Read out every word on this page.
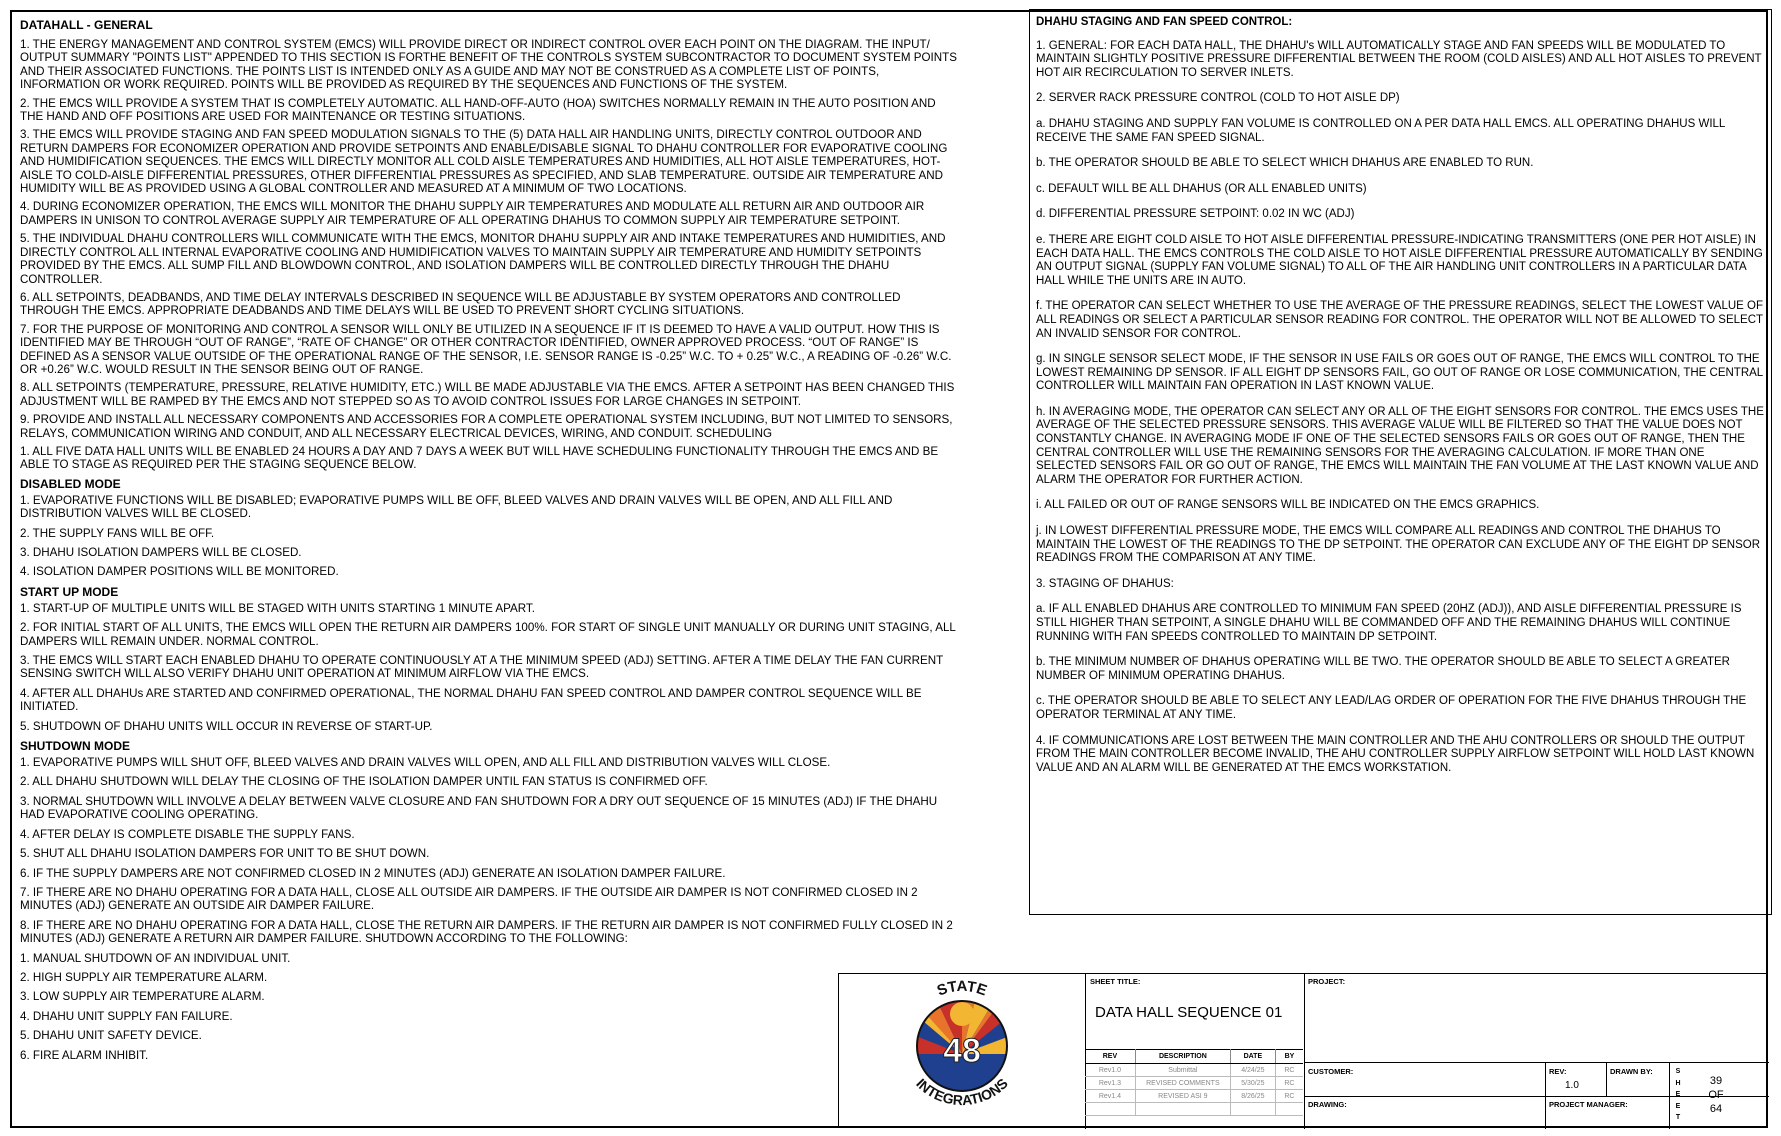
DATAHALL - GENERAL

1. THE ENERGY MANAGEMENT AND CONTROL SYSTEM (EMCS) WILL PROVIDE DIRECT OR INDIRECT CONTROL OVER EACH POINT ON THE DIAGRAM. THE INPUT/ OUTPUT SUMMARY "POINTS LIST" APPENDED TO THIS SECTION IS FORTHE BENEFIT OF THE CONTROLS SYSTEM SUBCONTRACTOR TO DOCUMENT SYSTEM POINTS AND THEIR ASSOCIATED FUNCTIONS. THE POINTS LIST IS INTENDED ONLY AS A GUIDE AND MAY NOT BE CONSTRUED AS A COMPLETE LIST OF POINTS, INFORMATION OR WORK REQUIRED. POINTS WILL BE PROVIDED AS REQUIRED BY THE SEQUENCES AND FUNCTIONS OF THE SYSTEM.

2. THE EMCS WILL PROVIDE A SYSTEM THAT IS COMPLETELY AUTOMATIC. ALL HAND-OFF-AUTO (HOA) SWITCHES NORMALLY REMAIN IN THE AUTO POSITION AND THE HAND AND OFF POSITIONS ARE USED FOR MAINTENANCE OR TESTING SITUATIONS.

3. THE EMCS WILL PROVIDE STAGING AND FAN SPEED MODULATION SIGNALS TO THE (5) DATA HALL AIR HANDLING UNITS, DIRECTLY CONTROL OUTDOOR AND RETURN DAMPERS FOR ECONOMIZER OPERATION AND PROVIDE SETPOINTS AND ENABLE/DISABLE SIGNAL TO DHAHU CONTROLLER FOR EVAPORATIVE COOLING AND HUMIDIFICATION SEQUENCES. THE EMCS WILL DIRECTLY MONITOR ALL COLD AISLE TEMPERATURES AND HUMIDITIES, ALL HOT AISLE TEMPERATURES, HOT-AISLE TO COLD-AISLE DIFFERENTIAL PRESSURES, OTHER DIFFERENTIAL PRESSURES AS SPECIFIED, AND SLAB TEMPERATURE. OUTSIDE AIR TEMPERATURE AND HUMIDITY WILL BE AS PROVIDED USING A GLOBAL CONTROLLER AND MEASURED AT A MINIMUM OF TWO LOCATIONS.

4. DURING ECONOMIZER OPERATION, THE EMCS WILL MONITOR THE DHAHU SUPPLY AIR TEMPERATURES AND MODULATE ALL RETURN AIR AND OUTDOOR AIR DAMPERS IN UNISON TO CONTROL AVERAGE SUPPLY AIR TEMPERATURE OF ALL OPERATING DHAHUS TO COMMON SUPPLY AIR TEMPERATURE SETPOINT.

5. THE INDIVIDUAL DHAHU CONTROLLERS WILL COMMUNICATE WITH THE EMCS, MONITOR DHAHU SUPPLY AIR AND INTAKE TEMPERATURES AND HUMIDITIES, AND DIRECTLY CONTROL ALL INTERNAL EVAPORATIVE COOLING AND HUMIDIFICATION VALVES TO MAINTAIN SUPPLY AIR TEMPERATURE AND HUMIDITY SETPOINTS PROVIDED BY THE EMCS. ALL SUMP FILL AND BLOWDOWN CONTROL, AND ISOLATION DAMPERS WILL BE CONTROLLED DIRECTLY THROUGH THE DHAHU CONTROLLER.

6. ALL SETPOINTS, DEADBANDS, AND TIME DELAY INTERVALS DESCRIBED IN SEQUENCE WILL BE ADJUSTABLE BY SYSTEM OPERATORS AND CONTROLLED THROUGH THE EMCS. APPROPRIATE DEADBANDS AND TIME DELAYS WILL BE USED TO PREVENT SHORT CYCLING SITUATIONS.

7. FOR THE PURPOSE OF MONITORING AND CONTROL A SENSOR WILL ONLY BE UTILIZED IN A SEQUENCE IF IT IS DEEMED TO HAVE A VALID OUTPUT. HOW THIS IS IDENTIFIED MAY BE THROUGH “OUT OF RANGE”, “RATE OF CHANGE” OR OTHER CONTRACTOR IDENTIFIED, OWNER APPROVED PROCESS. “OUT OF RANGE” IS DEFINED AS A SENSOR VALUE OUTSIDE OF THE OPERATIONAL RANGE OF THE SENSOR, I.E. SENSOR RANGE IS -0.25” W.C. TO + 0.25” W.C., A READING OF -0.26” W.C. OR +0.26” W.C. WOULD RESULT IN THE SENSOR BEING OUT OF RANGE.

8. ALL SETPOINTS (TEMPERATURE, PRESSURE, RELATIVE HUMIDITY, ETC.) WILL BE MADE ADJUSTABLE VIA THE EMCS. AFTER A SETPOINT HAS BEEN CHANGED THIS ADJUSTMENT WILL BE RAMPED BY THE EMCS AND NOT STEPPED SO AS TO AVOID CONTROL ISSUES FOR LARGE CHANGES IN SETPOINT.

9. PROVIDE AND INSTALL ALL NECESSARY COMPONENTS AND ACCESSORIES FOR A COMPLETE OPERATIONAL SYSTEM INCLUDING, BUT NOT LIMITED TO SENSORS, RELAYS, COMMUNICATION WIRING AND CONDUIT, AND ALL NECESSARY ELECTRICAL DEVICES, WIRING, AND CONDUIT. SCHEDULING

1. ALL FIVE DATA HALL UNITS WILL BE ENABLED 24 HOURS A DAY AND 7 DAYS A WEEK BUT WILL HAVE SCHEDULING FUNCTIONALITY THROUGH THE EMCS AND BE ABLE TO STAGE AS REQUIRED PER THE STAGING SEQUENCE BELOW.

DISABLED MODE

1. EVAPORATIVE FUNCTIONS WILL BE DISABLED; EVAPORATIVE PUMPS WILL BE OFF, BLEED VALVES AND DRAIN VALVES WILL BE OPEN, AND ALL FILL AND DISTRIBUTION VALVES WILL BE CLOSED.

2. THE SUPPLY FANS WILL BE OFF.

3. DHAHU ISOLATION DAMPERS WILL BE CLOSED.

4. ISOLATION DAMPER POSITIONS WILL BE MONITORED.

START UP MODE

1. START-UP OF MULTIPLE UNITS WILL BE STAGED WITH UNITS STARTING 1 MINUTE APART.

2. FOR INITIAL START OF ALL UNITS, THE EMCS WILL OPEN THE RETURN AIR DAMPERS 100%. FOR START OF SINGLE UNIT MANUALLY OR DURING UNIT STAGING, ALL DAMPERS WILL REMAIN UNDER. NORMAL CONTROL.

3. THE EMCS WILL START EACH ENABLED DHAHU TO OPERATE CONTINUOUSLY AT A THE MINIMUM SPEED (ADJ) SETTING. AFTER A TIME DELAY THE FAN CURRENT SENSING SWITCH WILL ALSO VERIFY DHAHU UNIT OPERATION AT MINIMUM AIRFLOW VIA THE EMCS.

4. AFTER ALL DHAHUs ARE STARTED AND CONFIRMED OPERATIONAL, THE NORMAL DHAHU FAN SPEED CONTROL AND DAMPER CONTROL SEQUENCE WILL BE INITIATED.

5. SHUTDOWN OF DHAHU UNITS WILL OCCUR IN REVERSE OF START-UP.

SHUTDOWN MODE

1. EVAPORATIVE PUMPS WILL SHUT OFF, BLEED VALVES AND DRAIN VALVES WILL OPEN, AND ALL FILL AND DISTRIBUTION VALVES WILL CLOSE.

2. ALL DHAHU SHUTDOWN WILL DELAY THE CLOSING OF THE ISOLATION DAMPER UNTIL FAN STATUS IS CONFIRMED OFF.

3. NORMAL SHUTDOWN WILL INVOLVE A DELAY BETWEEN VALVE CLOSURE AND FAN SHUTDOWN FOR A DRY OUT SEQUENCE OF 15 MINUTES (ADJ) IF THE DHAHU HAD EVAPORATIVE COOLING OPERATING.

4. AFTER DELAY IS COMPLETE DISABLE THE SUPPLY FANS.

5. SHUT ALL DHAHU ISOLATION DAMPERS FOR UNIT TO BE SHUT DOWN.

6. IF THE SUPPLY DAMPERS ARE NOT CONFIRMED CLOSED IN 2 MINUTES (ADJ) GENERATE AN ISOLATION DAMPER FAILURE.

7. IF THERE ARE NO DHAHU OPERATING FOR A DATA HALL, CLOSE ALL OUTSIDE AIR DAMPERS. IF THE OUTSIDE AIR DAMPER IS NOT CONFIRMED CLOSED IN 2 MINUTES (ADJ) GENERATE AN OUTSIDE AIR DAMPER FAILURE.

8. IF THERE ARE NO DHAHU OPERATING FOR A DATA HALL, CLOSE THE RETURN AIR DAMPERS. IF THE RETURN AIR DAMPER IS NOT CONFIRMED FULLY CLOSED IN 2 MINUTES (ADJ) GENERATE A RETURN AIR DAMPER FAILURE. SHUTDOWN ACCORDING TO THE FOLLOWING:

1. MANUAL SHUTDOWN OF AN INDIVIDUAL UNIT.

2. HIGH SUPPLY AIR TEMPERATURE ALARM.

3. LOW SUPPLY AIR TEMPERATURE ALARM.

4. DHAHU UNIT SUPPLY FAN FAILURE.

5. DHAHU UNIT SAFETY DEVICE.

6. FIRE ALARM INHIBIT.

DHAHU STAGING AND FAN SPEED CONTROL:

1. GENERAL: FOR EACH DATA HALL, THE DHAHU's WILL AUTOMATICALLY STAGE AND FAN SPEEDS WILL BE MODULATED TO MAINTAIN SLIGHTLY POSITIVE PRESSURE DIFFERENTIAL BETWEEN THE ROOM (COLD AISLES) AND ALL HOT AISLES TO PREVENT HOT AIR RECIRCULATION TO SERVER INLETS.

2. SERVER RACK PRESSURE CONTROL (COLD TO HOT AISLE DP)

a. DHAHU STAGING AND SUPPLY FAN VOLUME IS CONTROLLED ON A PER DATA HALL EMCS. ALL OPERATING DHAHUS WILL RECEIVE THE SAME FAN SPEED SIGNAL.

b. THE OPERATOR SHOULD BE ABLE TO SELECT WHICH DHAHUS ARE ENABLED TO RUN.

c. DEFAULT WILL BE ALL DHAHUS (OR ALL ENABLED UNITS)

d. DIFFERENTIAL PRESSURE SETPOINT: 0.02 IN WC (ADJ)

e. THERE ARE EIGHT COLD AISLE TO HOT AISLE DIFFERENTIAL PRESSURE-INDICATING TRANSMITTERS (ONE PER HOT AISLE) IN EACH DATA HALL. THE EMCS CONTROLS THE COLD AISLE TO HOT AISLE DIFFERENTIAL PRESSURE AUTOMATICALLY BY SENDING AN OUTPUT SIGNAL (SUPPLY FAN VOLUME SIGNAL) TO ALL OF THE AIR HANDLING UNIT CONTROLLERS IN A PARTICULAR DATA HALL WHILE THE UNITS ARE IN AUTO.

f. THE OPERATOR CAN SELECT WHETHER TO USE THE AVERAGE OF THE PRESSURE READINGS, SELECT THE LOWEST VALUE OF ALL READINGS OR SELECT A PARTICULAR SENSOR READING FOR CONTROL. THE OPERATOR WILL NOT BE ALLOWED TO SELECT AN INVALID SENSOR FOR CONTROL.

g. IN SINGLE SENSOR SELECT MODE, IF THE SENSOR IN USE FAILS OR GOES OUT OF RANGE, THE EMCS WILL CONTROL TO THE LOWEST REMAINING DP SENSOR. IF ALL EIGHT DP SENSORS FAIL, GO OUT OF RANGE OR LOSE COMMUNICATION, THE CENTRAL CONTROLLER WILL MAINTAIN FAN OPERATION IN LAST KNOWN VALUE.

h. IN AVERAGING MODE, THE OPERATOR CAN SELECT ANY OR ALL OF THE EIGHT SENSORS FOR CONTROL. THE EMCS USES THE AVERAGE OF THE SELECTED PRESSURE SENSORS. THIS AVERAGE VALUE WILL BE FILTERED SO THAT THE VALUE DOES NOT CONSTANTLY CHANGE. IN AVERAGING MODE IF ONE OF THE SELECTED SENSORS FAILS OR GOES OUT OF RANGE, THEN THE CENTRAL CONTROLLER WILL USE THE REMAINING SENSORS FOR THE AVERAGING CALCULATION. IF MORE THAN ONE SELECTED SENSORS FAIL OR GO OUT OF RANGE, THE EMCS WILL MAINTAIN THE FAN VOLUME AT THE LAST KNOWN VALUE AND ALARM THE OPERATOR FOR FURTHER ACTION.

i. ALL FAILED OR OUT OF RANGE SENSORS WILL BE INDICATED ON THE EMCS GRAPHICS.

j. IN LOWEST DIFFERENTIAL PRESSURE MODE, THE EMCS WILL COMPARE ALL READINGS AND CONTROL THE DHAHUS TO MAINTAIN THE LOWEST OF THE READINGS TO THE DP SETPOINT. THE OPERATOR CAN EXCLUDE ANY OF THE EIGHT DP SENSOR READINGS FROM THE COMPARISON AT ANY TIME.

3. STAGING OF DHAHUS:

a. IF ALL ENABLED DHAHUS ARE CONTROLLED TO MINIMUM FAN SPEED (20HZ (ADJ)), AND AISLE DIFFERENTIAL PRESSURE IS STILL HIGHER THAN SETPOINT, A SINGLE DHAHU WILL BE COMMANDED OFF AND THE REMAINING DHAHUS WILL CONTINUE RUNNING WITH FAN SPEEDS CONTROLLED TO MAINTAIN DP SETPOINT.

b. THE MINIMUM NUMBER OF DHAHUS OPERATING WILL BE TWO. THE OPERATOR SHOULD BE ABLE TO SELECT A GREATER NUMBER OF MINIMUM OPERATING DHAHUS.

c. THE OPERATOR SHOULD BE ABLE TO SELECT ANY LEAD/LAG ORDER OF OPERATION FOR THE FIVE DHAHUS THROUGH THE OPERATOR TERMINAL AT ANY TIME.

4. IF COMMUNICATIONS ARE LOST BETWEEN THE MAIN CONTROLLER AND THE AHU CONTROLLERS OR SHOULD THE OUTPUT FROM THE MAIN CONTROLLER BECOME INVALID, THE AHU CONTROLLER SUPPLY AIRFLOW SETPOINT WILL HOLD LAST KNOWN VALUE AND AN ALARM WILL BE GENERATED AT THE EMCS WORKSTATION.

48
STATE
INTEGRATIONS
SHEET TITLE:
DATA HALL SEQUENCE 01
REV	DESCRIPTION	DATE	BY
Rev1.0	Submittal	4/24/25	RC
Rev1.3	REVISED COMMENTS	5/30/25	RC
Rev1.4	REVISED ASI 9	8/26/25	RC

PROJECT:
CUSTOMER:
DRAWING:
REV:
1.0
DRAWN BY:
PROJECT MANAGER:
S
H
E
E
T
39
OF
64
